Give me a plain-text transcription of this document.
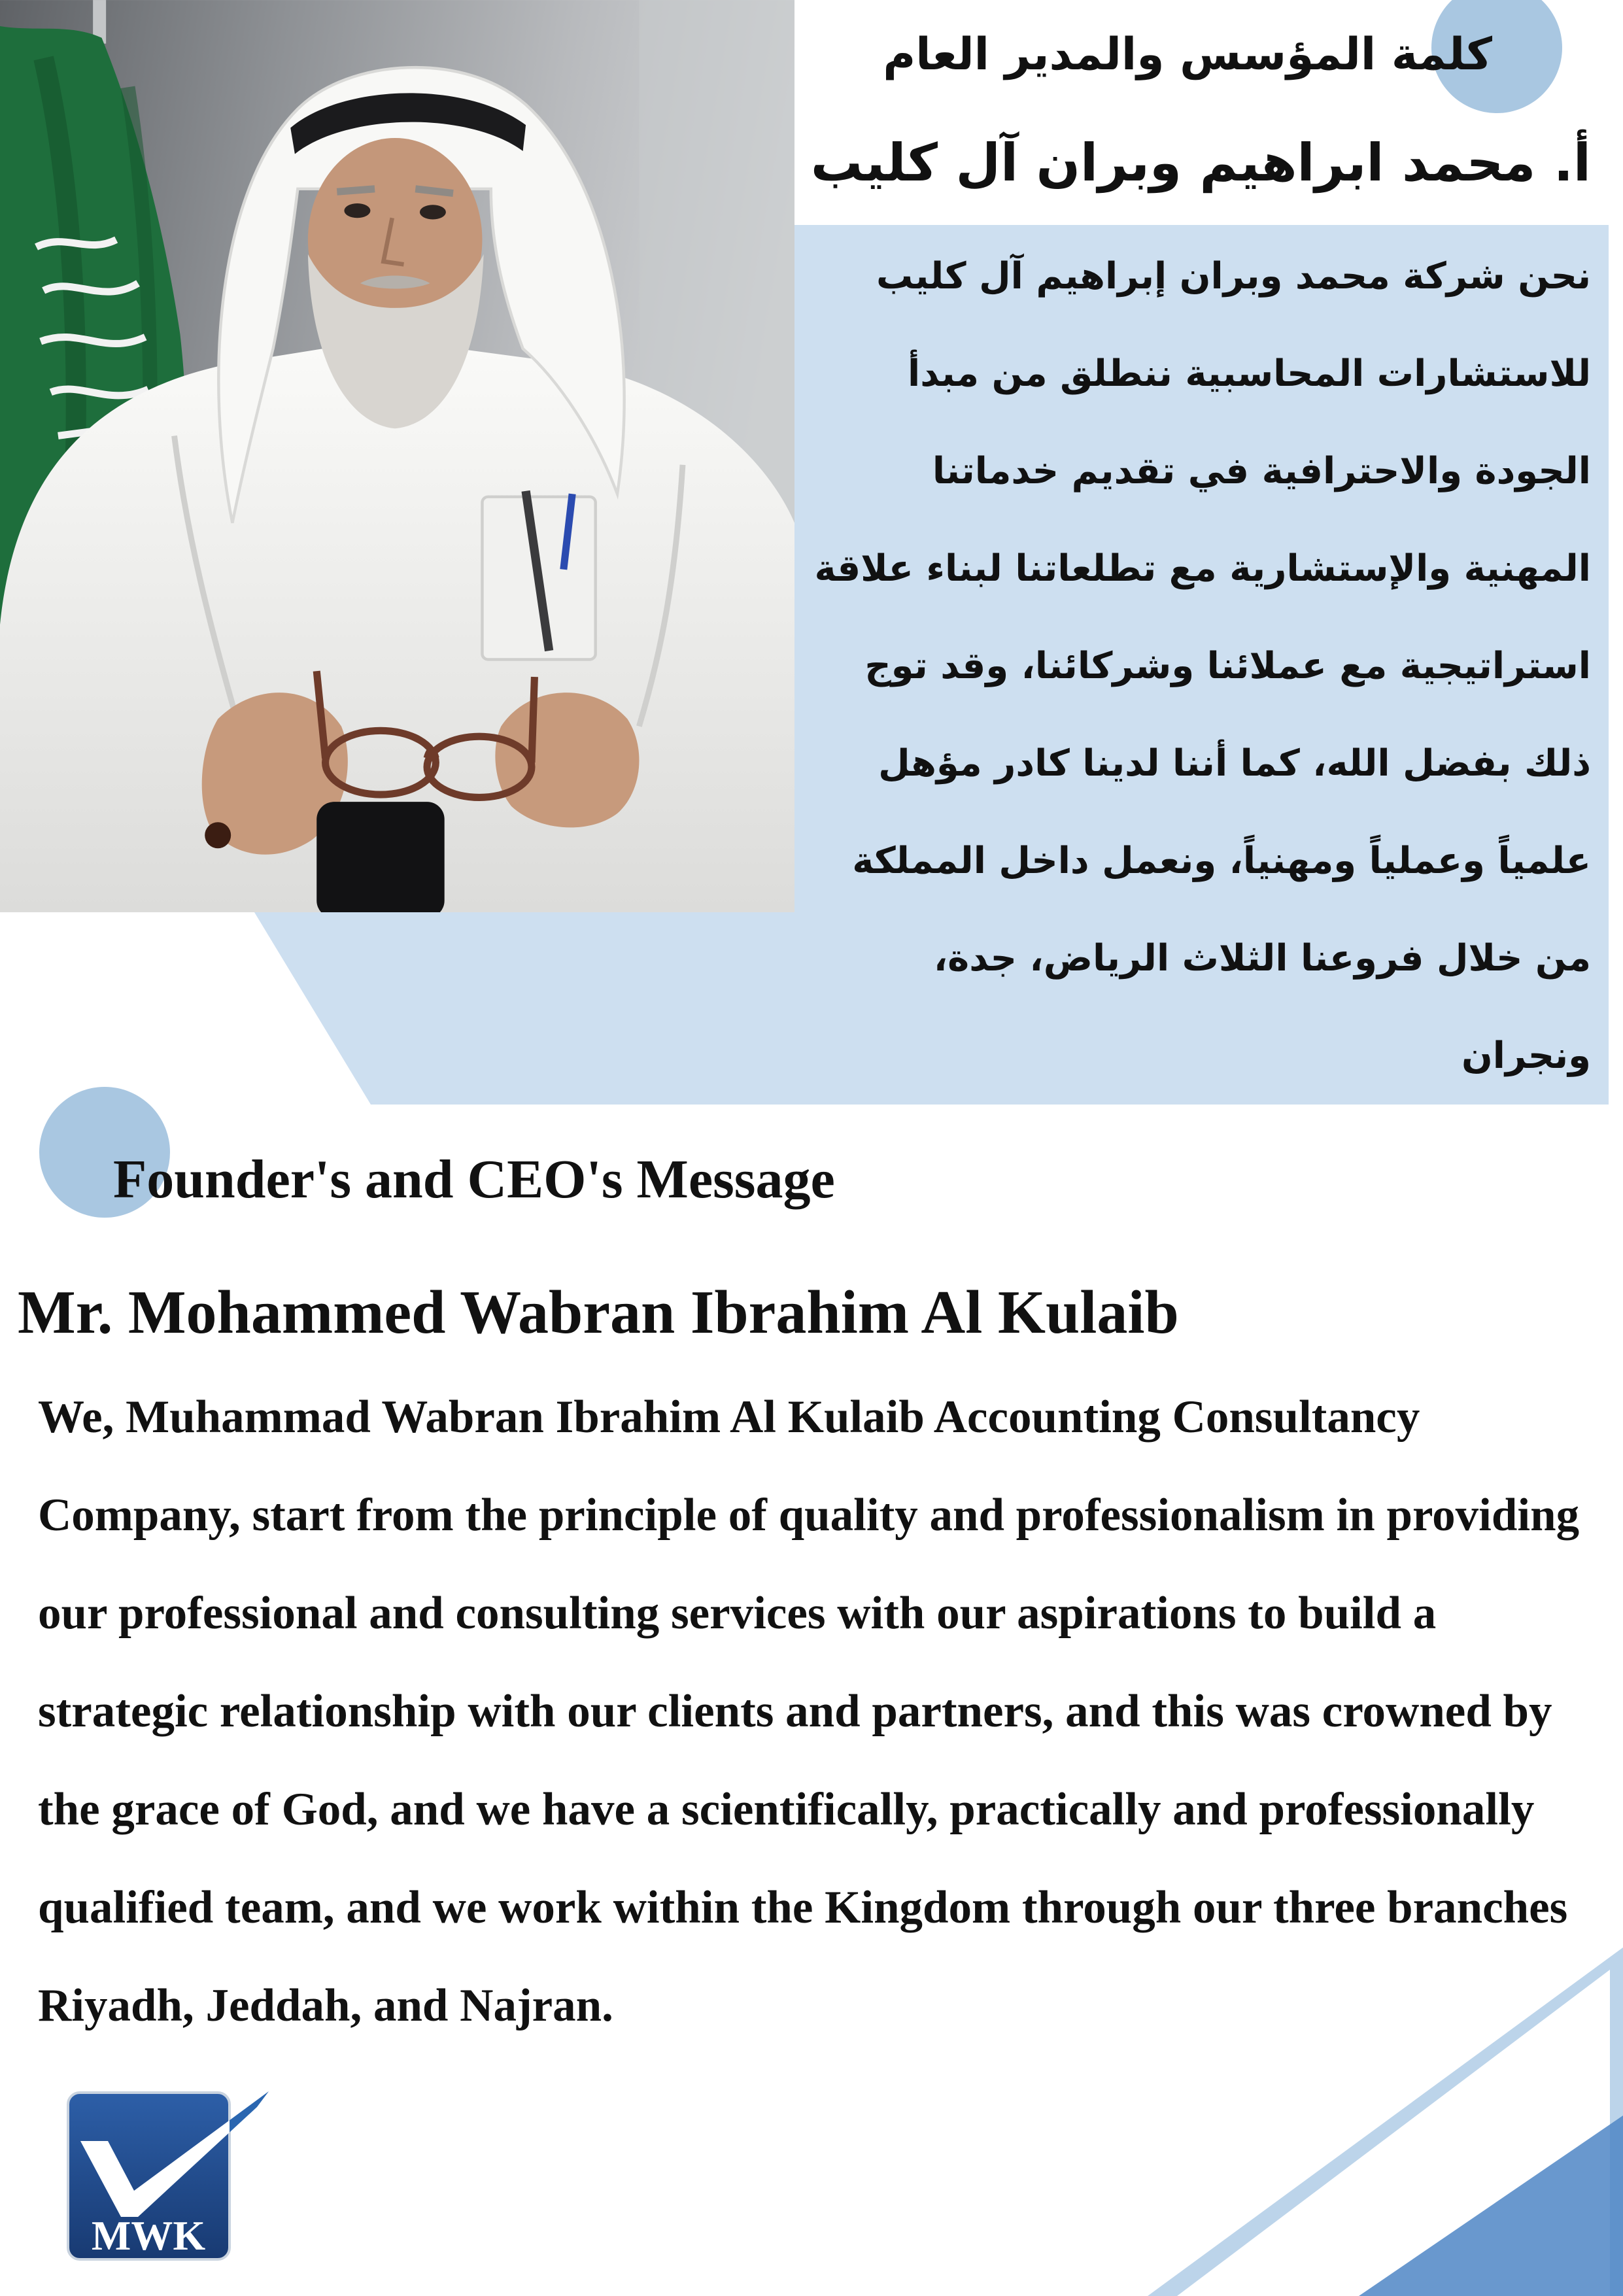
كلمة المؤسس والمدير العام
أ. محمد ابراهيم وبران آل كليب
نحن شركة محمد وبران إبراهيم آل كليب
للاستشارات المحاسبية ننطلق من مبدأ
الجودة والاحترافية في تقديم خدماتنا
المهنية والإستشارية مع تطلعاتنا لبناء علاقة
استراتيجية مع عملائنا وشركائنا، وقد توج
ذلك بفضل الله، كما أننا لدينا كادر مؤهل
علمياً وعملياً ومهنياً، ونعمل داخل المملكة
من خلال فروعنا الثلاث الرياض، جدة،
ونجران
Founder's and CEO's Message
Mr. Mohammed Wabran Ibrahim Al Kulaib
We, Muhammad Wabran Ibrahim Al Kulaib Accounting Consultancy
Company, start from the principle of quality and professionalism in providing
our professional and consulting services with our aspirations to build a
strategic relationship with our clients and partners, and this was crowned by
the grace of God, and we have a scientifically, practically and professionally
qualified team, and we work within the Kingdom through our three branches
Riyadh, Jeddah, and Najran.
MWK
